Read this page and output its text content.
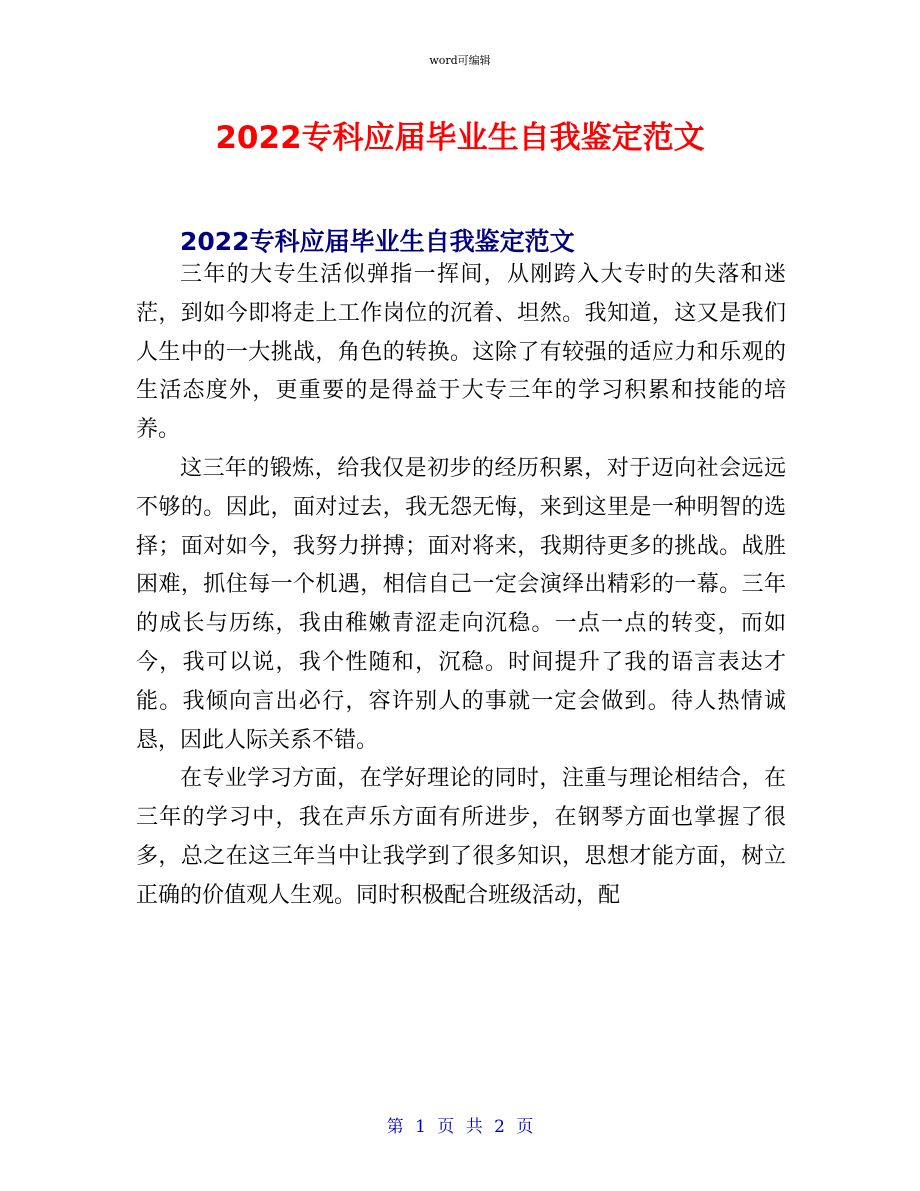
word可编辑
2022专科应届毕业生自我鉴定范文
2022专科应届毕业生自我鉴定范文

三年的大专生活似弹指一挥间，从刚跨入大专时的失落和迷茫，到如今即将走上工作岗位的沉着、坦然。我知道，这又是我们人生中的一大挑战，角色的转换。这除了有较强的适应力和乐观的生活态度外，更重要的是得益于大专三年的学习积累和技能的培养。

这三年的锻炼，给我仅是初步的经历积累，对于迈向社会远远不够的。因此，面对过去，我无怨无悔，来到这里是一种明智的选择；面对如今，我努力拼搏；面对将来，我期待更多的挑战。战胜困难，抓住每一个机遇，相信自己一定会演绎出精彩的一幕。三年的成长与历练，我由稚嫩青涩走向沉稳。一点一点的转变，而如今，我可以说，我个性随和，沉稳。时间提升了我的语言表达才能。我倾向言出必行，容许别人的事就一定会做到。待人热情诚恳，因此人际关系不错。

在专业学习方面，在学好理论的同时，注重与理论相结合，在三年的学习中，我在声乐方面有所进步，在钢琴方面也掌握了很多，总之在这三年当中让我学到了很多知识，思想才能方面，树立正确的价值观人生观。同时积极配合班级活动，配

第 1 页 共 2 页
